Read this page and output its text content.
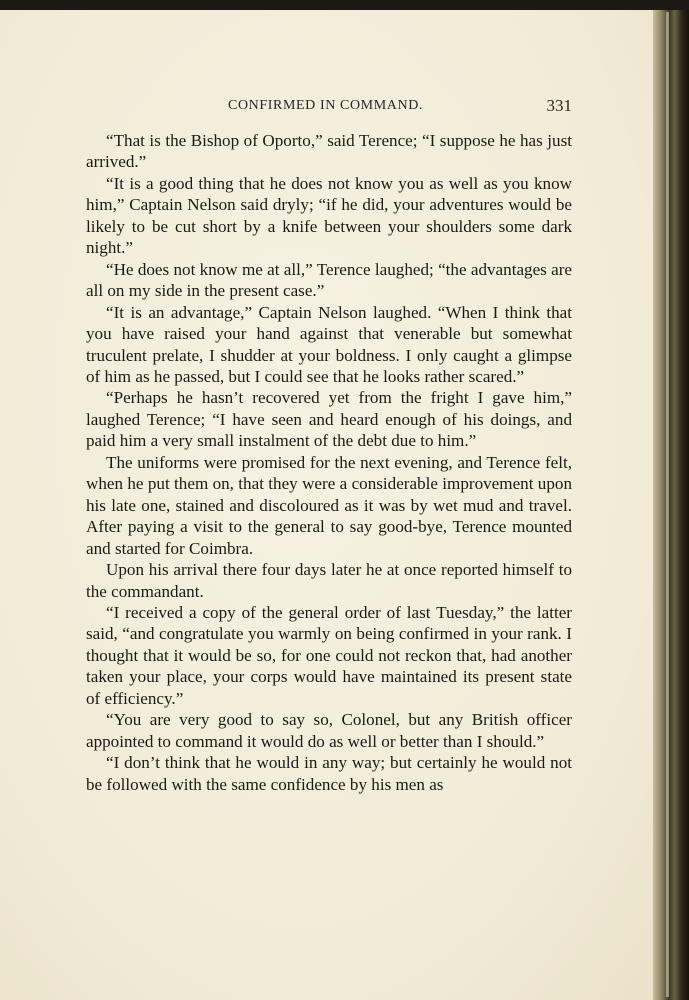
CONFIRMED IN COMMAND.	331

“That is the Bishop of Oporto,” said Terence; “I suppose he has just arrived.”

“It is a good thing that he does not know you as well as you know him,” Captain Nelson said dryly; “if he did, your adventures would be likely to be cut short by a knife between your shoulders some dark night.”

“He does not know me at all,” Terence laughed; “the advantages are all on my side in the present case.”

“It is an advantage,” Captain Nelson laughed. “When I think that you have raised your hand against that venerable but somewhat truculent prelate, I shudder at your boldness. I only caught a glimpse of him as he passed, but I could see that he looks rather scared.”

“Perhaps he hasn’t recovered yet from the fright I gave him,” laughed Terence; “I have seen and heard enough of his doings, and paid him a very small instalment of the debt due to him.”

The uniforms were promised for the next evening, and Terence felt, when he put them on, that they were a considerable improvement upon his late one, stained and discoloured as it was by wet mud and travel. After paying a visit to the general to say good-bye, Terence mounted and started for Coimbra.

Upon his arrival there four days later he at once reported himself to the commandant.

“I received a copy of the general order of last Tuesday,” the latter said, “and congratulate you warmly on being confirmed in your rank. I thought that it would be so, for one could not reckon that, had another taken your place, your corps would have maintained its present state of efficiency.”

“You are very good to say so, Colonel, but any British officer appointed to command it would do as well or better than I should.”

“I don’t think that he would in any way; but certainly he would not be followed with the same confidence by his men as
